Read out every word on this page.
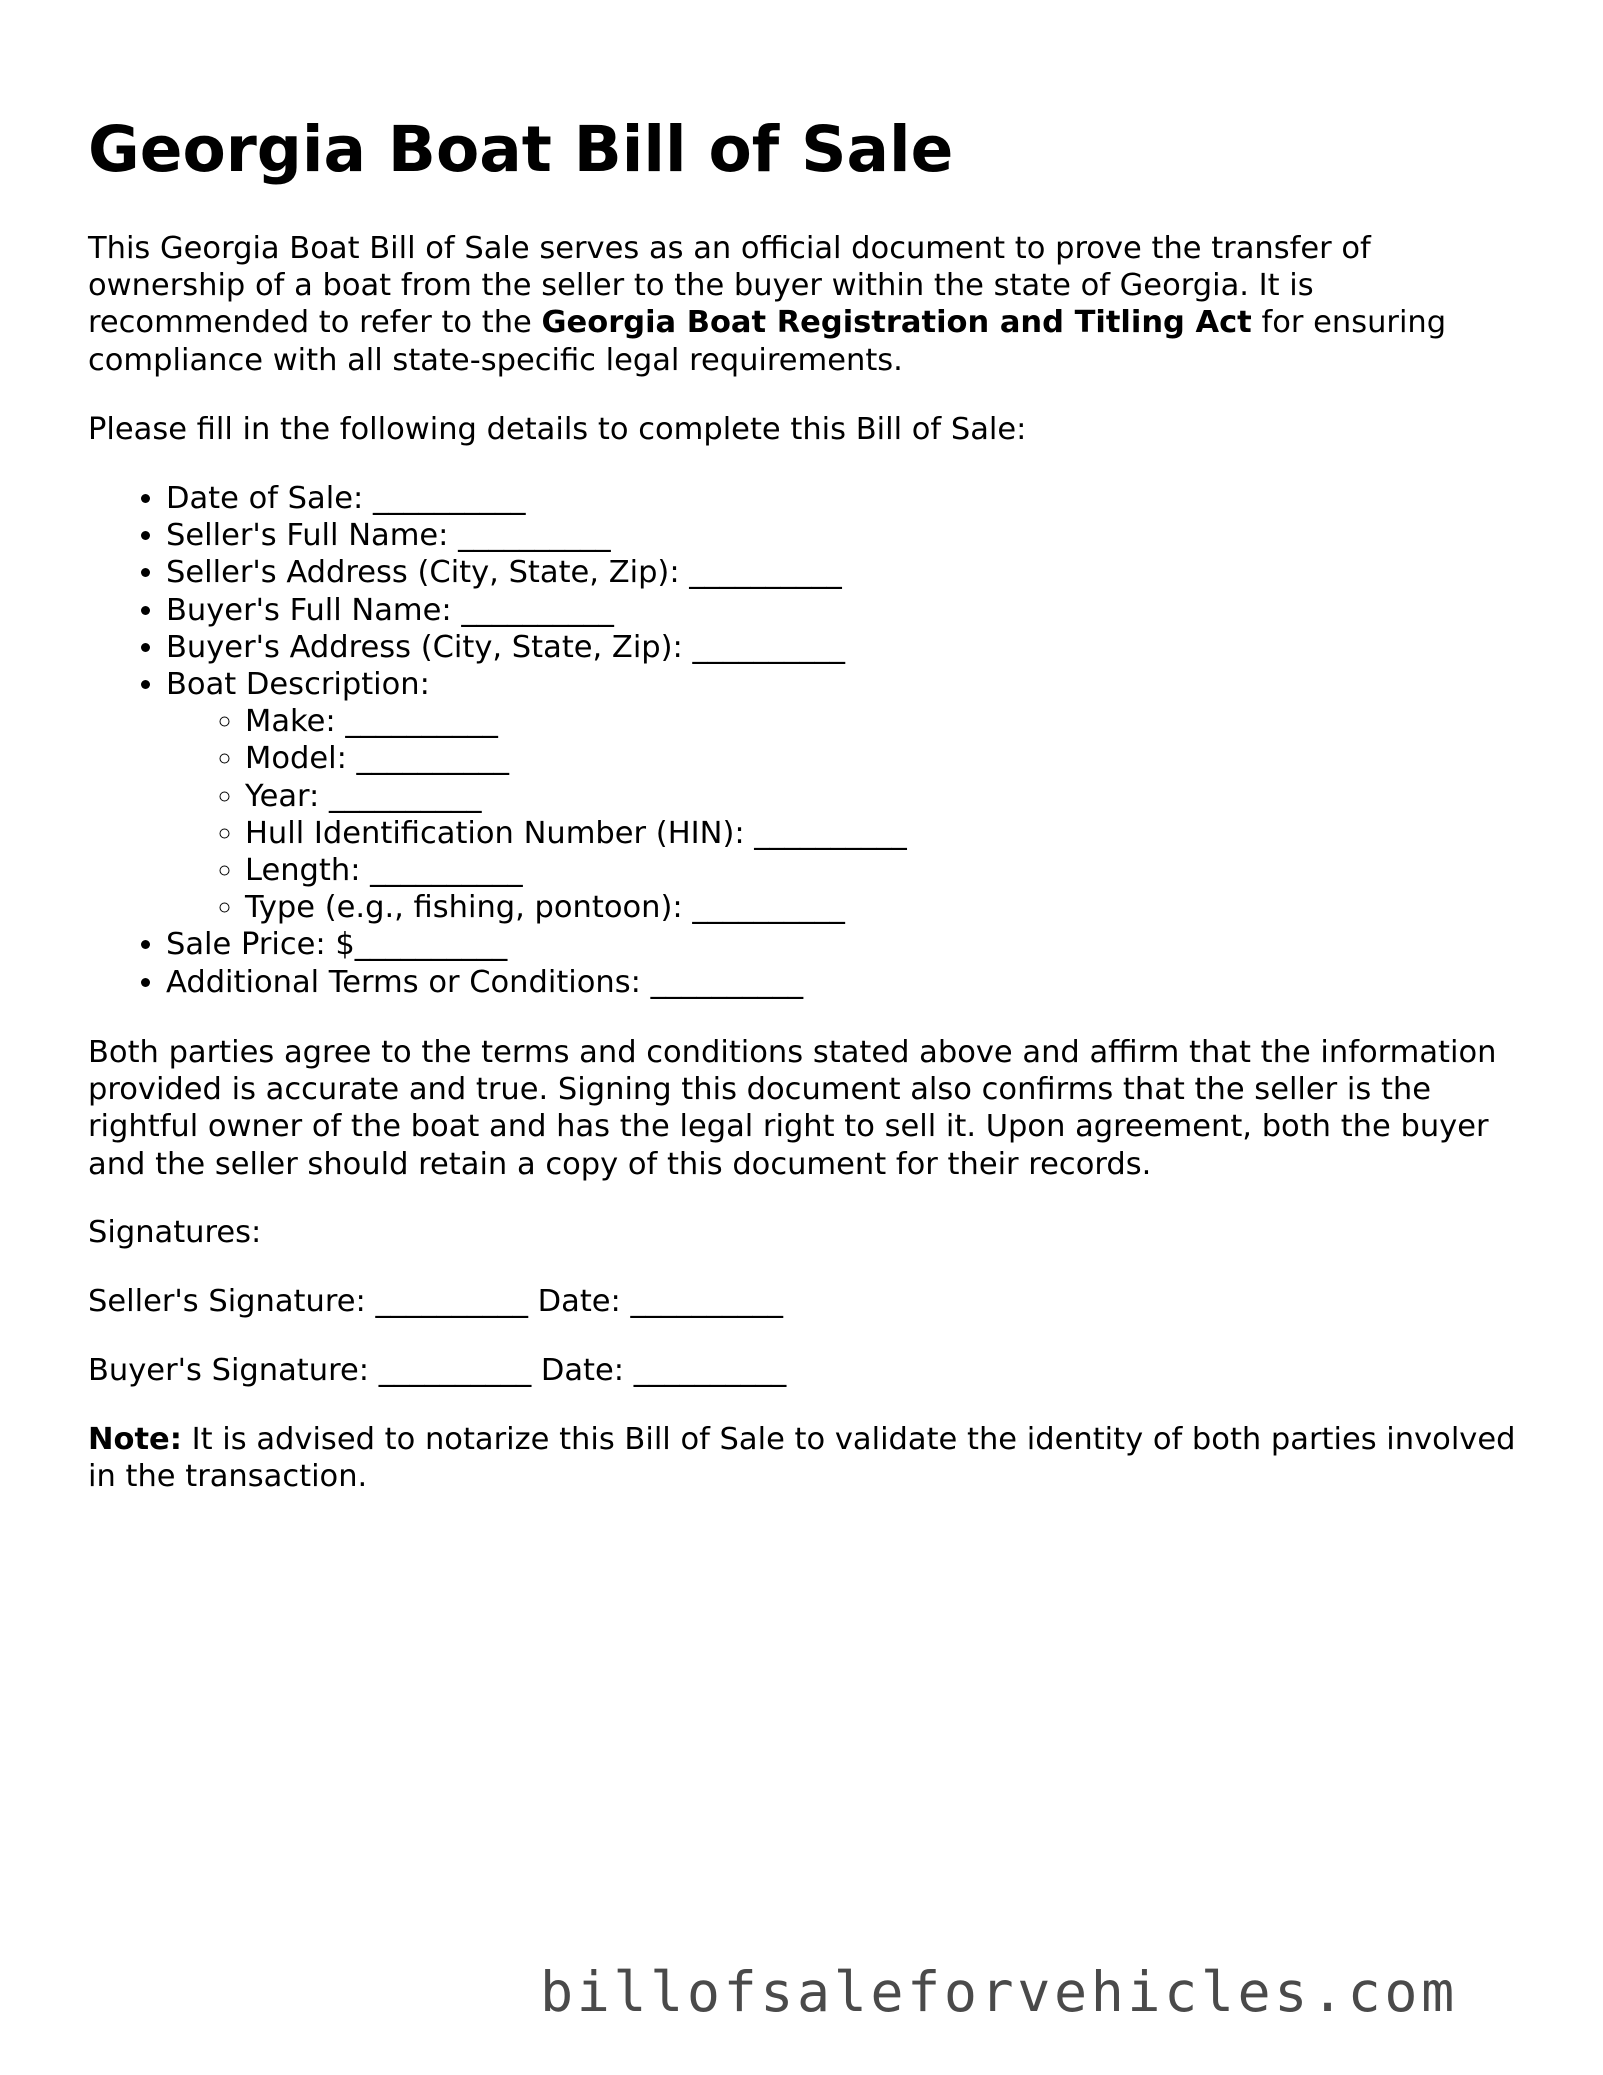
Georgia Boat Bill of Sale

This Georgia Boat Bill of Sale serves as an official document to prove the transfer of ownership of a boat from the seller to the buyer within the state of Georgia. It is recommended to refer to the Georgia Boat Registration and Titling Act for ensuring compliance with all state-specific legal requirements.

Please fill in the following details to complete this Bill of Sale:

• Date of Sale: __________
• Seller's Full Name: __________
• Seller's Address (City, State, Zip): __________
• Buyer's Full Name: __________
• Buyer's Address (City, State, Zip): __________
• Boat Description:
◦ Make: __________
◦ Model: __________
◦ Year: __________
◦ Hull Identification Number (HIN): __________
◦ Length: __________
◦ Type (e.g., fishing, pontoon): __________
• Sale Price: $__________
• Additional Terms or Conditions: __________

Both parties agree to the terms and conditions stated above and affirm that the information provided is accurate and true. Signing this document also confirms that the seller is the rightful owner of the boat and has the legal right to sell it. Upon agreement, both the buyer and the seller should retain a copy of this document for their records.

Signatures:

Seller's Signature: __________ Date: __________

Buyer's Signature: __________ Date: __________

Note: It is advised to notarize this Bill of Sale to validate the identity of both parties involved in the transaction.

billofsaleforvehicles.com
